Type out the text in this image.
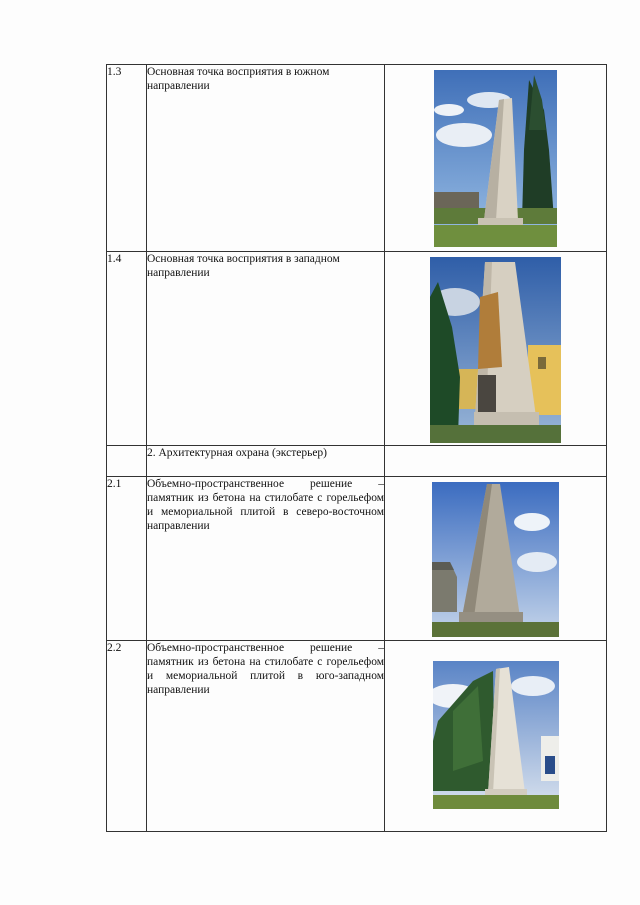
1.3	Основная точка восприятия в южном направлении	

1.4	Основная точка восприятия в западном направлении	

	2. Архитектурная охрана (экстерьер)	
2.1	Объемно-пространственное решение – памятник из бетона на стилобате с горельефом и мемориальной плитой в северо-восточном направлении	

2.2	Объемно-пространственное решение – памятник из бетона на стилобате с горельефом и мемориальной плитой в юго-западном направлении	
